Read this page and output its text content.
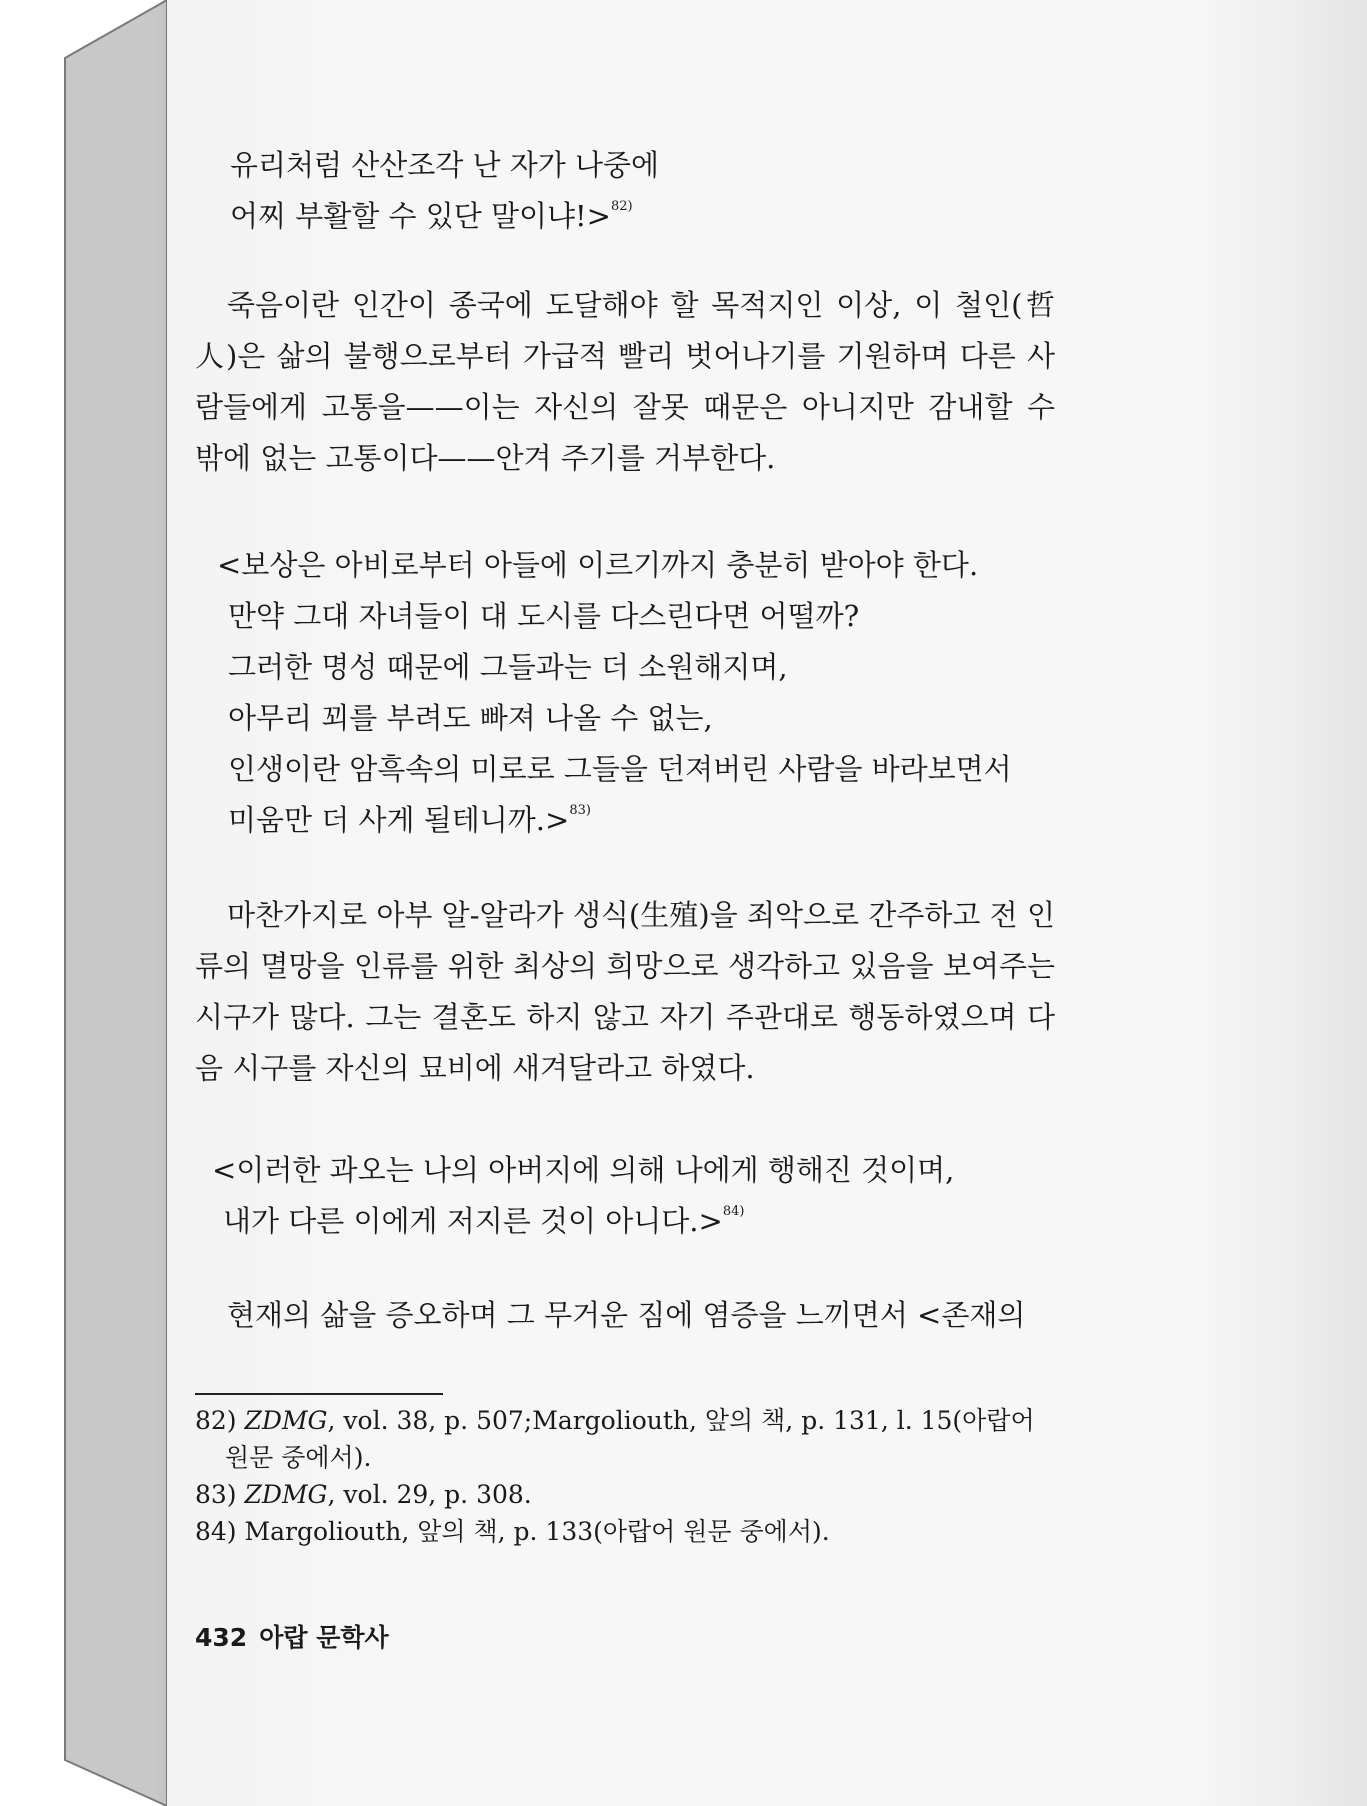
유리처럼 산산조각 난 자가 나중에

어찌 부활할 수 있단 말이냐!>$^{82)}$

죽음이란 인간이 종국에 도달해야 할 목적지인 이상, 이 철인(哲人)은 삶의 불행으로부터 가급적 빨리 벗어나기를 기원하며 다른 사람들에게 고통을——이는 자신의 잘못 때문은 아니지만 감내할 수 밖에 없는 고통이다——안겨 주기를 거부한다.

<보상은 아비로부터 아들에 이르기까지 충분히 받아야 한다.

만약 그대 자녀들이 대 도시를 다스린다면 어떨까?

그러한 명성 때문에 그들과는 더 소원해지며,

아무리 꾀를 부려도 빠져 나올 수 없는,

인생이란 암흑속의 미로로 그들을 던져버린 사람을 바라보면서

미움만 더 사게 될테니까.>$^{83)}$

마찬가지로 아부 알-알라가 생식(生殖)을 죄악으로 간주하고 전 인류의 멸망을 인류를 위한 최상의 희망으로 생각하고 있음을 보여주는 시구가 많다. 그는 결혼도 하지 않고 자기 주관대로 행동하였으며 다음 시구를 자신의 묘비에 새겨달라고 하였다.

<이러한 과오는 나의 아버지에 의해 나에게 행해진 것이며,

내가 다른 이에게 저지른 것이 아니다.>$^{84)}$

현재의 삶을 증오하며 그 무거운 짐에 염증을 느끼면서 <존재의

82) ZDMG, vol. 38, p. 507;Margoliouth, 앞의 책, p. 131, l. 15(아랍어

원문 중에서).

83) ZDMG, vol. 29, p. 308.

84) Margoliouth, 앞의 책, p. 133(아랍어 원문 중에서).

432 아랍 문학사
